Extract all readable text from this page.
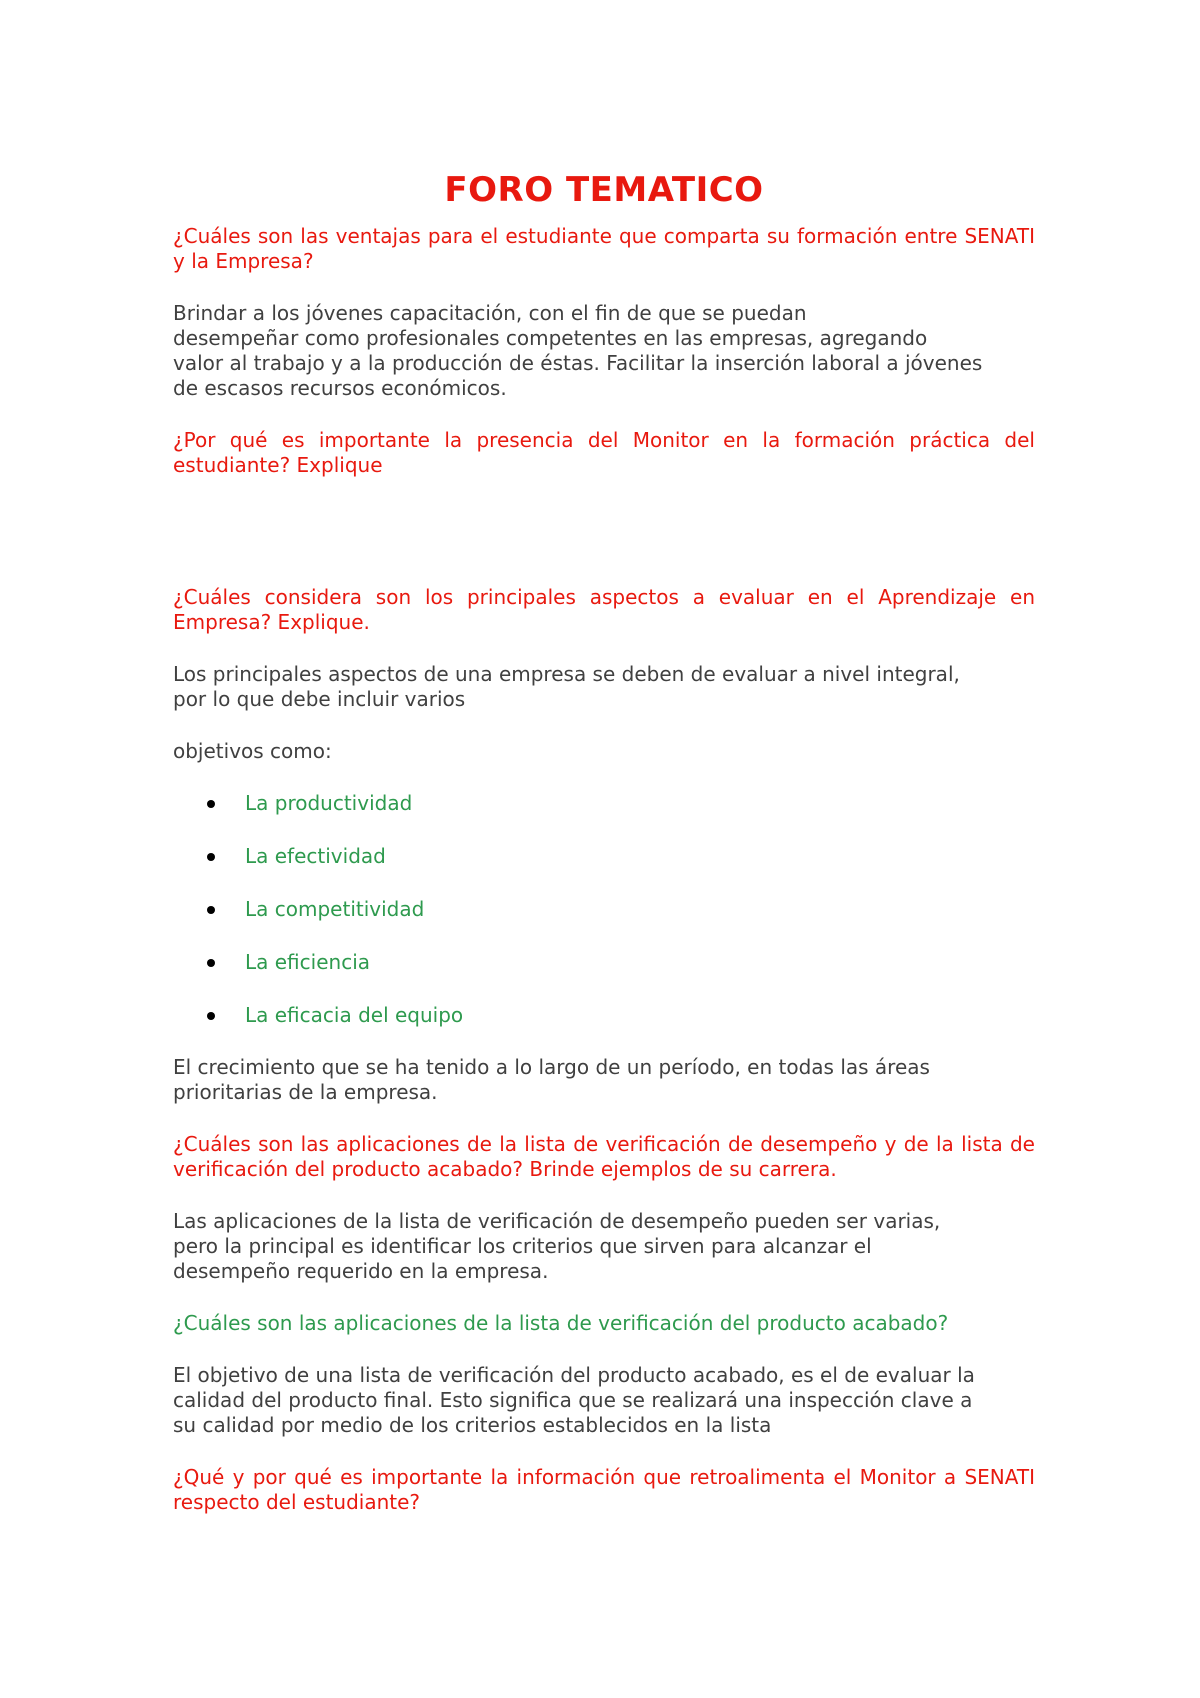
FORO TEMATICO

¿Cuáles son las ventajas para el estudiante que comparta su formación entre SENATI y la Empresa?

Brindar a los jóvenes capacitación, con el fin de que se puedan
desempeñar como profesionales competentes en las empresas, agregando
valor al trabajo y a la producción de éstas. Facilitar la inserción laboral a jóvenes
de escasos recursos económicos.

¿Por qué es importante la presencia del Monitor en la formación práctica del estudiante? Explique

¿Cuáles considera son los principales aspectos a evaluar en el Aprendizaje en Empresa? Explique.

Los principales aspectos de una empresa se deben de evaluar a nivel integral,
por lo que debe incluir varios

objetivos como:

La productividad
La efectividad
La competitividad
La eficiencia
La eficacia del equipo

El crecimiento que se ha tenido a lo largo de un período, en todas las áreas
prioritarias de la empresa.

¿Cuáles son las aplicaciones de la lista de verificación de desempeño y de la lista de verificación del producto acabado? Brinde ejemplos de su carrera.

Las aplicaciones de la lista de verificación de desempeño pueden ser varias,
pero la principal es identificar los criterios que sirven para alcanzar el
desempeño requerido en la empresa.

¿Cuáles son las aplicaciones de la lista de verificación del producto acabado?

El objetivo de una lista de verificación del producto acabado, es el de evaluar la
calidad del producto final. Esto significa que se realizará una inspección clave a
su calidad por medio de los criterios establecidos en la lista

¿Qué y por qué es importante la información que retroalimenta el Monitor a SENATI respecto del estudiante?
